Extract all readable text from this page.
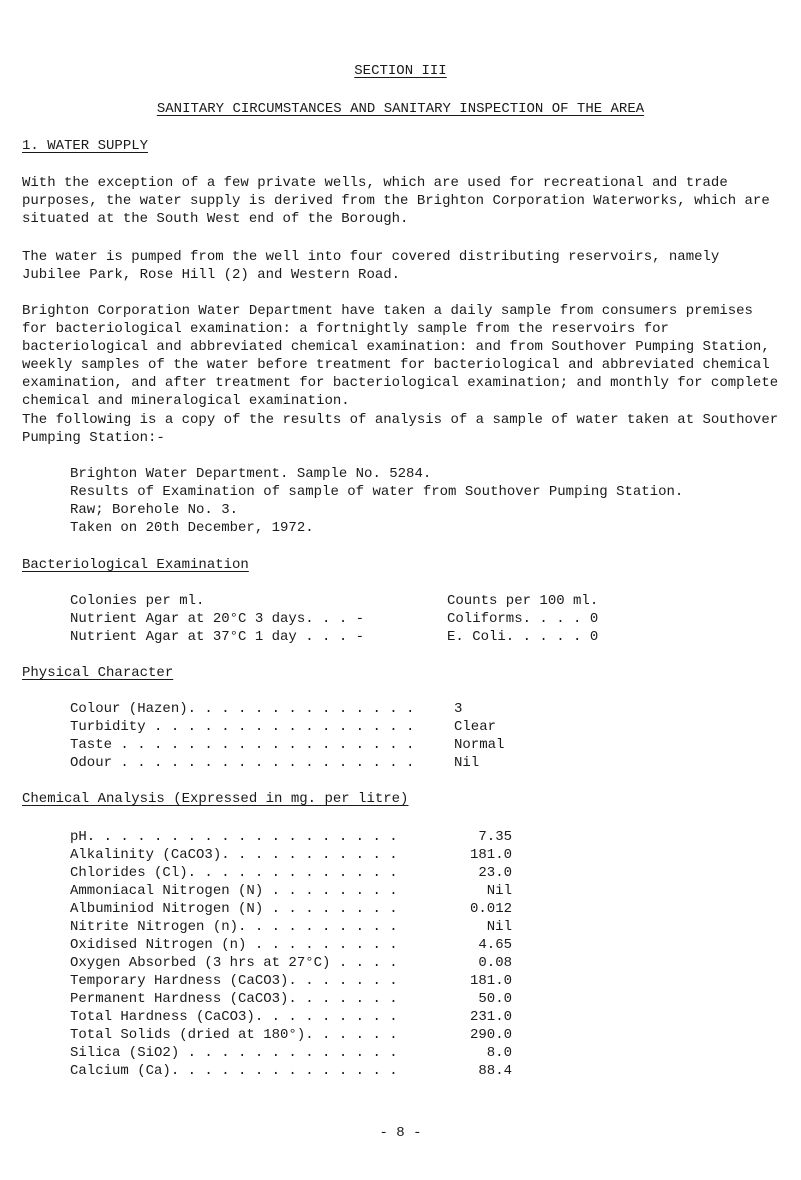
SECTION III
SANITARY CIRCUMSTANCES AND SANITARY INSPECTION OF THE AREA
1. WATER SUPPLY
With the exception of a few private wells, which are used for recreational and trade purposes, the water supply is derived from the Brighton Corporation Waterworks, which are situated at the South West end of the Borough.
The water is pumped from the well into four covered distributing reservoirs, namely Jubilee Park, Rose Hill (2) and Western Road.
Brighton Corporation Water Department have taken a daily sample from consumers premises for bacteriological examination: a fortnightly sample from the reservoirs for bacteriological and abbreviated chemical examination: and from Southover Pumping Station, weekly samples of the water before treatment for bacteriological and abbreviated chemical examination, and after treatment for bacteriological examination; and monthly for complete chemical and mineralogical examination.
The following is a copy of the results of analysis of a sample of water taken at Southover Pumping Station:-
Brighton Water Department. Sample No. 5284.
Results of Examination of sample of water from Southover Pumping Station.
Raw; Borehole No. 3.
Taken on 20th December, 1972.
Bacteriological Examination
Colonies per ml.	Counts per 100 ml.
Nutrient Agar at 20°C 3 days. . . -	Coliforms. . . . 0
Nutrient Agar at 37°C 1 day . . . -	E. Coli. . . . . 0
Physical Character
Colour (Hazen). . . . . . . . . . . . . .	3
Turbidity . . . . . . . . . . . . . . . .	Clear
Taste . . . . . . . . . . . . . . . . . .	Normal
Odour . . . . . . . . . . . . . . . . . .	Nil
Chemical Analysis (Expressed in mg. per litre)
pH. . . . . . . . . . . . . . . . . . .	7.35
Alkalinity (CaCO3). . . . . . . . . . .	181.0
Chlorides (Cl). . . . . . . . . . . . .	23.0
Ammoniacal Nitrogen (N) . . . . . . . .	Nil
Albuminiod Nitrogen (N) . . . . . . . .	0.012
Nitrite Nitrogen (n). . . . . . . . . .	Nil
Oxidised Nitrogen (n) . . . . . . . . .	4.65
Oxygen Absorbed (3 hrs at 27°C) . . . .	0.08
Temporary Hardness (CaCO3). . . . . . .	181.0
Permanent Hardness (CaCO3). . . . . . .	50.0
Total Hardness (CaCO3). . . . . . . . .	231.0
Total Solids (dried at 180°). . . . . .	290.0
Silica (SiO2) . . . . . . . . . . . . .	8.0
Calcium (Ca). . . . . . . . . . . . . .	88.4
- 8 -
